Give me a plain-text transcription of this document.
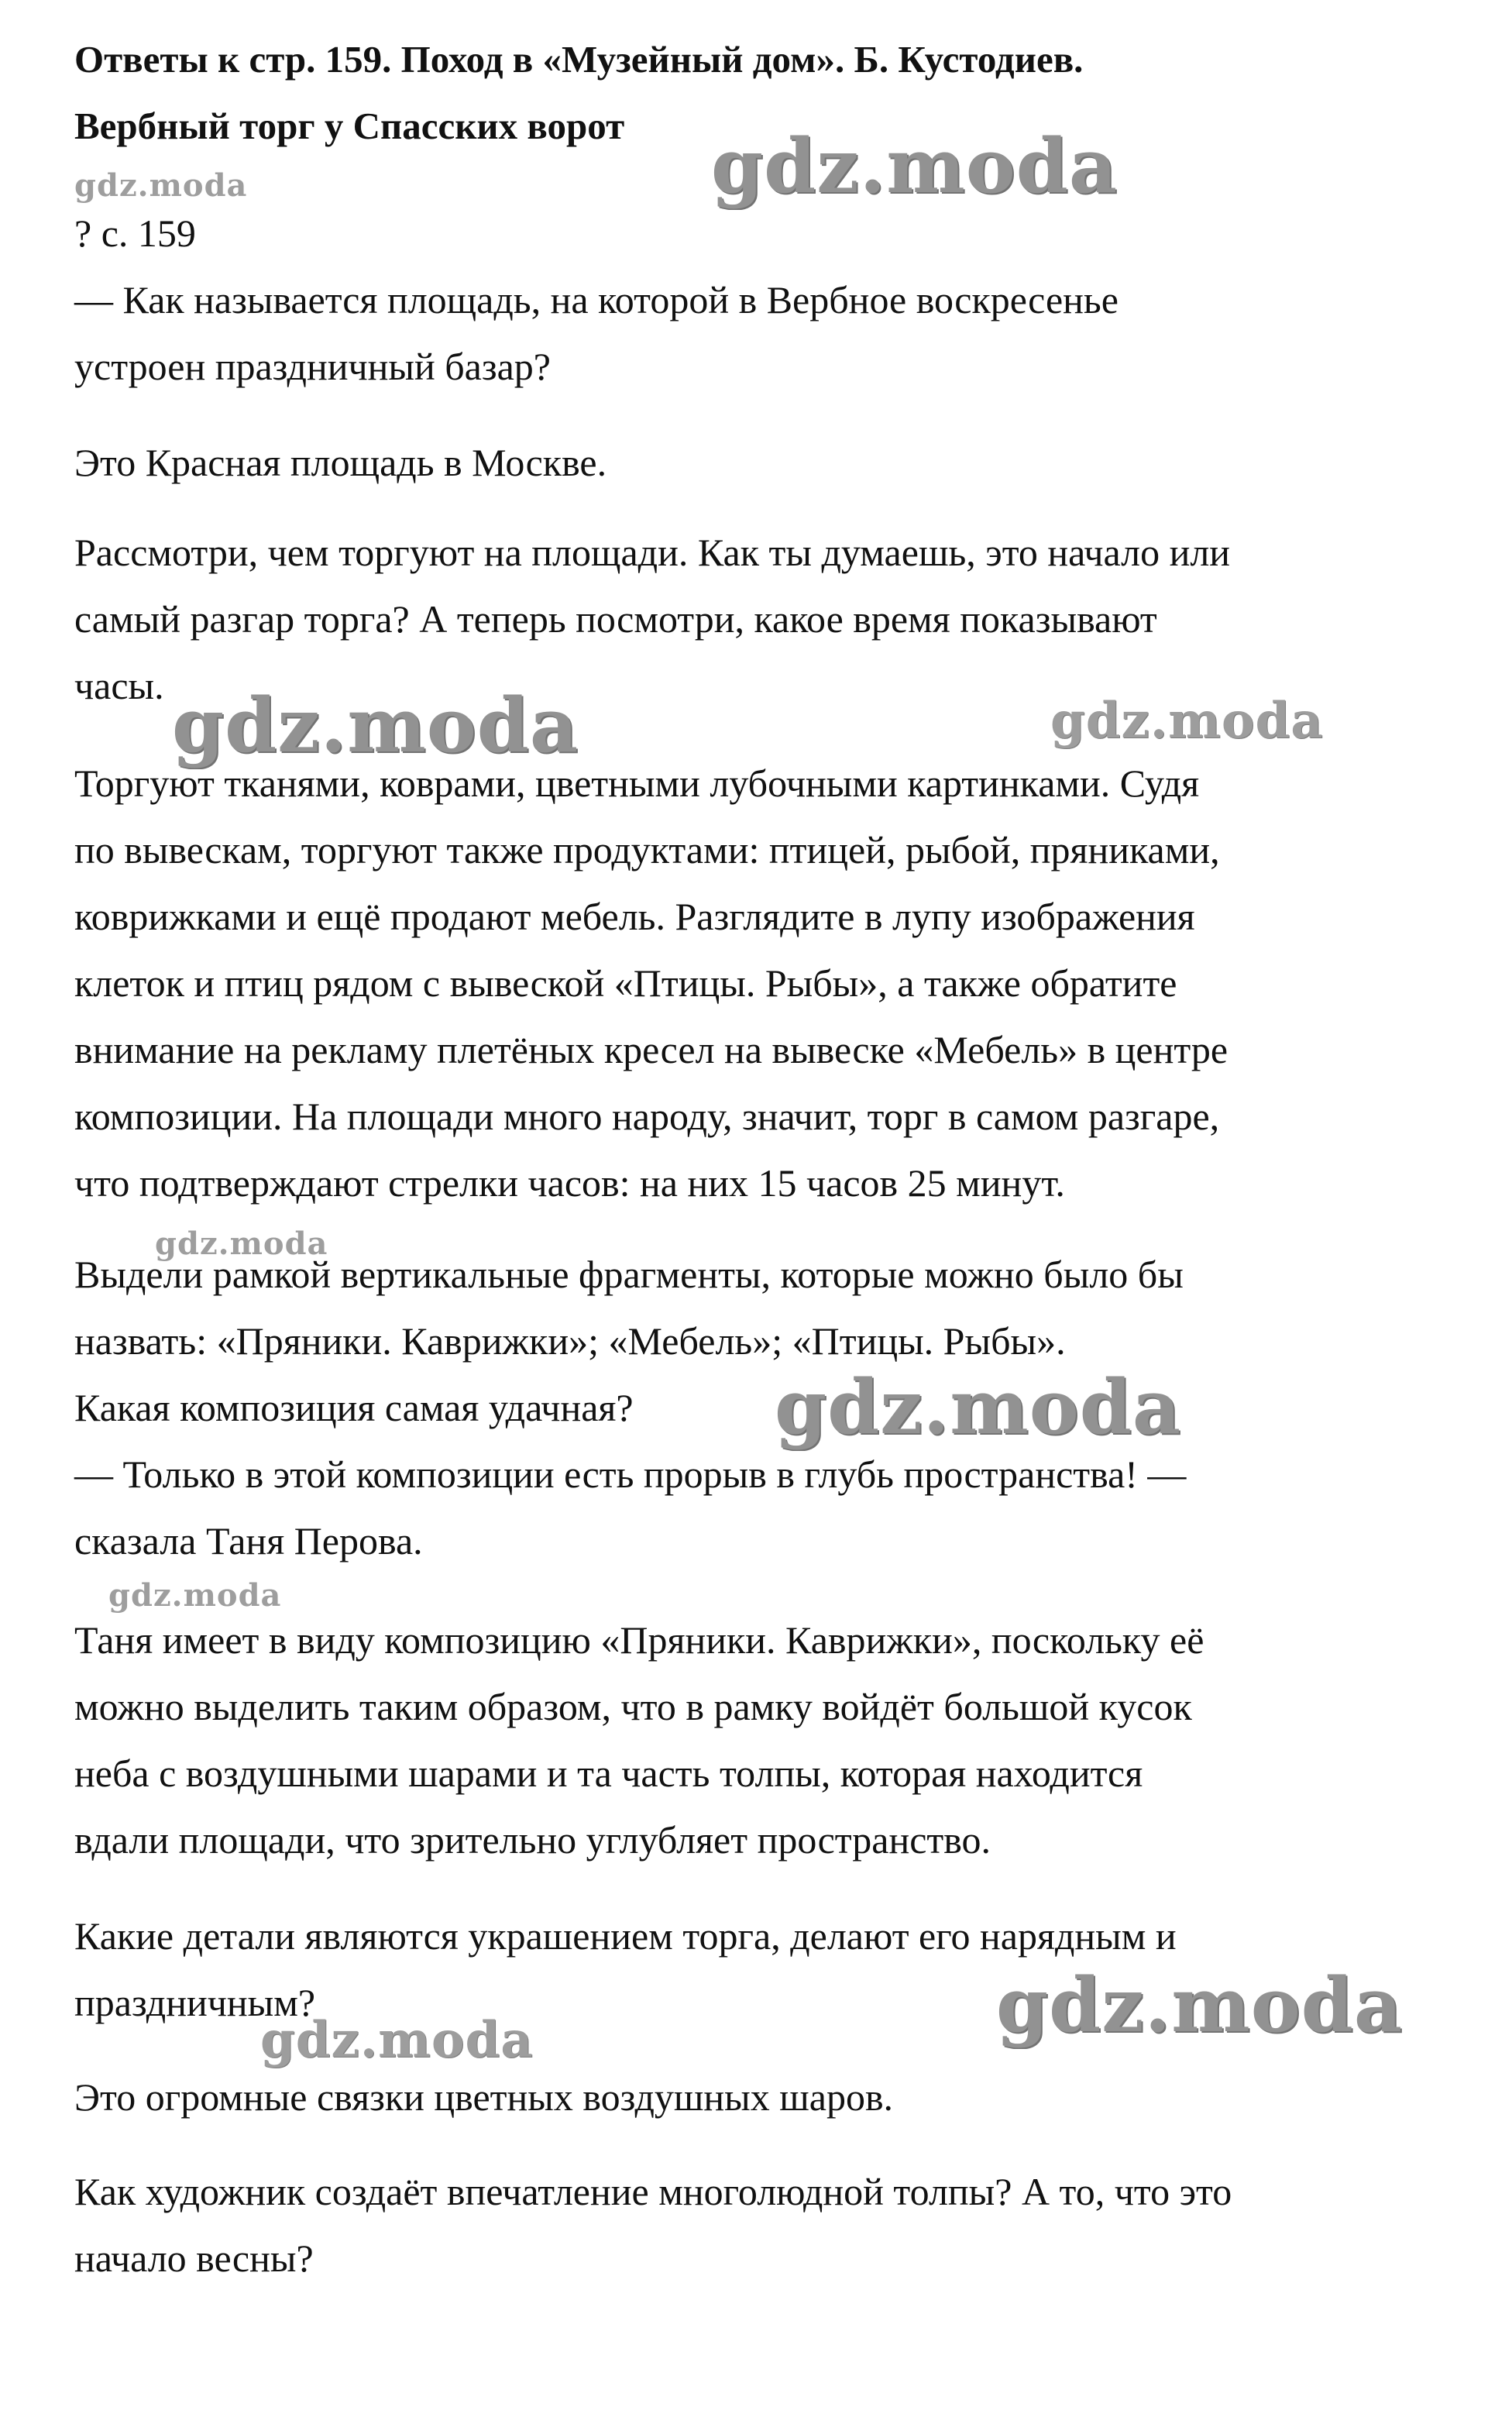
Ответы к стр. 159. Поход в «Музейный дом». Б. Кустодиев.
Вербный торг у Спасских ворот
gdz.moda	gdz.moda
gdz.moda	gdz.moda
gdz.moda
gdz.moda
gdz.moda
gdz.moda
gdz.moda

? с. 159

— Как называется площадь, на которой в Вербное воскресенье

устроен праздничный базар?

Это Красная площадь в Москве.

Рассмотри, чем торгуют на площади. Как ты думаешь, это начало или

самый разгар торга? А теперь посмотри, какое время показывают

часы.

Торгуют тканями, коврами, цветными лубочными картинками. Судя

по вывескам, торгуют также продуктами: птицей, рыбой, пряниками,

коврижками и ещё продают мебель. Разглядите в лупу изображения

клеток и птиц рядом с вывеской «Птицы. Рыбы», а также обратите

внимание на рекламу плетёных кресел на вывеске «Мебель» в центре

композиции. На площади много народу, значит, торг в самом разгаре,

что подтверждают стрелки часов: на них 15 часов 25 минут.

Выдели рамкой вертикальные фрагменты, которые можно было бы

назвать: «Пряники. Каврижки»; «Мебель»; «Птицы. Рыбы».

Какая композиция самая удачная?

— Только в этой композиции есть прорыв в глубь пространства! —

сказала Таня Перова.

Таня имеет в виду композицию «Пряники. Каврижки», поскольку её

можно выделить таким образом, что в рамку войдёт большой кусок

неба с воздушными шарами и та часть толпы, которая находится

вдали площади, что зрительно углубляет пространство.

Какие детали являются украшением торга, делают его нарядным и

праздничным?

Это огромные связки цветных воздушных шаров.

Как художник создаёт впечатление многолюдной толпы? А то, что это

начало весны?
